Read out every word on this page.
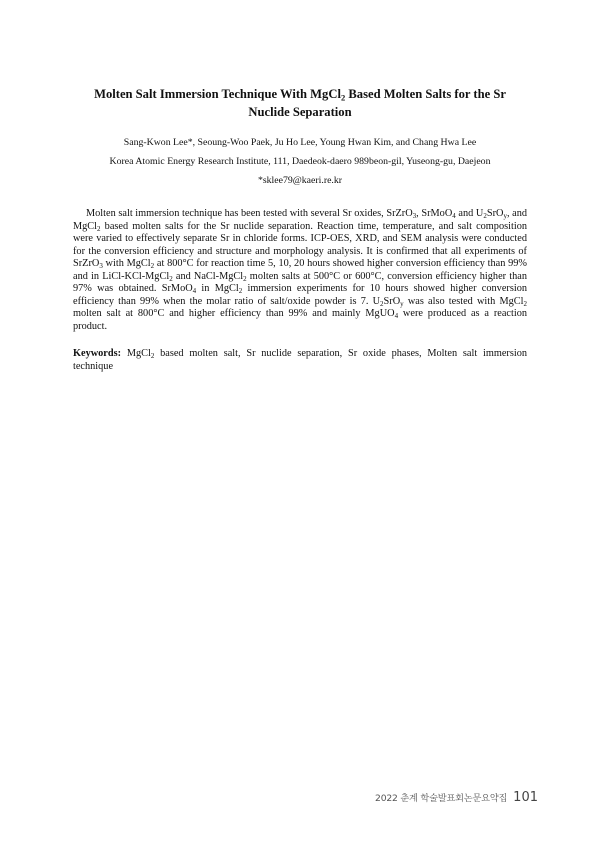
Molten Salt Immersion Technique With MgCl$_2$ Based Molten Salts for the Sr
Nuclide Separation
Sang-Kwon Lee*, Seoung-Woo Paek, Ju Ho Lee, Young Hwan Kim, and Chang Hwa Lee
Korea Atomic Energy Research Institute, 111, Daedeok-daero 989beon-gil, Yuseong-gu, Daejeon
*sklee79@kaeri.re.kr

Molten salt immersion technique has been tested with several Sr oxides, SrZrO$_3$, SrMoO$_4$ and $U_2SrO_y$, and MgCl$_2$ based molten salts for the Sr nuclide separation. Reaction time, temperature, and salt composition were varied to effectively separate Sr in chloride forms. ICP-OES, XRD, and SEM analysis were conducted for the conversion efficiency and structure and morphology analysis. It is confirmed that all experiments of SrZrO$_3$ with MgCl$_2$ at 800°C for reaction time 5, 10, 20 hours showed higher conversion efficiency than 99% and in LiCl-KCl-MgCl$_2$ and NaCl-MgCl$_2$ molten salts at 500°C or 600°C, conversion efficiency higher than 97% was obtained. SrMoO$_4$ in MgCl$_2$ immersion experiments for 10 hours showed higher conversion efficiency than 99% when the molar ratio of salt/oxide powder is 7. $U_2SrO_y$ was also tested with MgCl$_2$ molten salt at 800°C and higher efficiency than 99% and mainly MgUO$_4$ were produced as a reaction product.

Keywords: MgCl$_2$ based molten salt, Sr nuclide separation, Sr oxide phases, Molten salt immersion technique
2022 춘계 학술발표회논문요약집 101
